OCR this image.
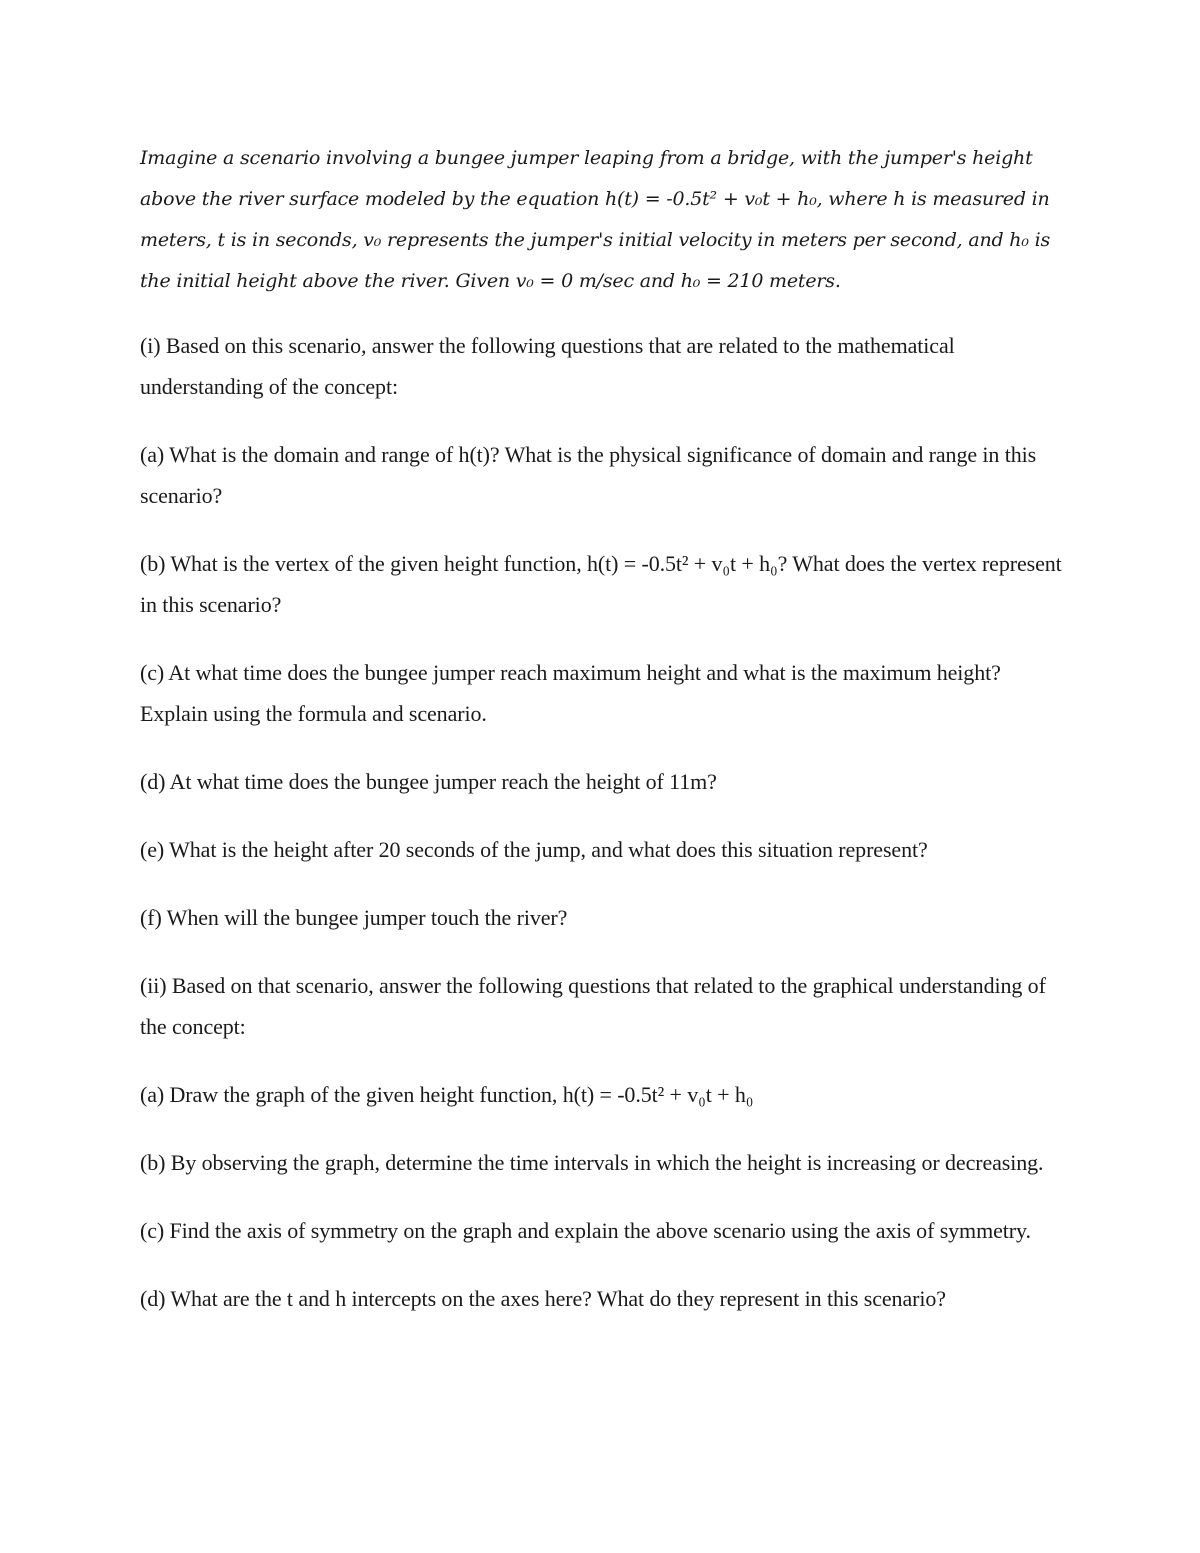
Imagine a scenario involving a bungee jumper leaping from a bridge, with the jumper's height above the river surface modeled by the equation h(t) = -0.5t² + v₀t + h₀, where h is measured in meters, t is in seconds, v₀ represents the jumper's initial velocity in meters per second, and h₀ is the initial height above the river. Given v₀ = 0 m/sec and h₀ = 210 meters.

(i) Based on this scenario, answer the following questions that are related to the mathematical understanding of the concept:

(a) What is the domain and range of h(t)? What is the physical significance of domain and range in this scenario?

(b) What is the vertex of the given height function, h(t) = -0.5t² + v₀t + h₀? What does the vertex represent in this scenario?

(c) At what time does the bungee jumper reach maximum height and what is the maximum height? Explain using the formula and scenario.

(d) At what time does the bungee jumper reach the height of 11m?

(e) What is the height after 20 seconds of the jump, and what does this situation represent?

(f) When will the bungee jumper touch the river?

(ii) Based on that scenario, answer the following questions that related to the graphical understanding of the concept:

(a) Draw the graph of the given height function, h(t) = -0.5t² + v₀t + h₀

(b) By observing the graph, determine the time intervals in which the height is increasing or decreasing.

(c) Find the axis of symmetry on the graph and explain the above scenario using the axis of symmetry.

(d) What are the t and h intercepts on the axes here? What do they represent in this scenario?
